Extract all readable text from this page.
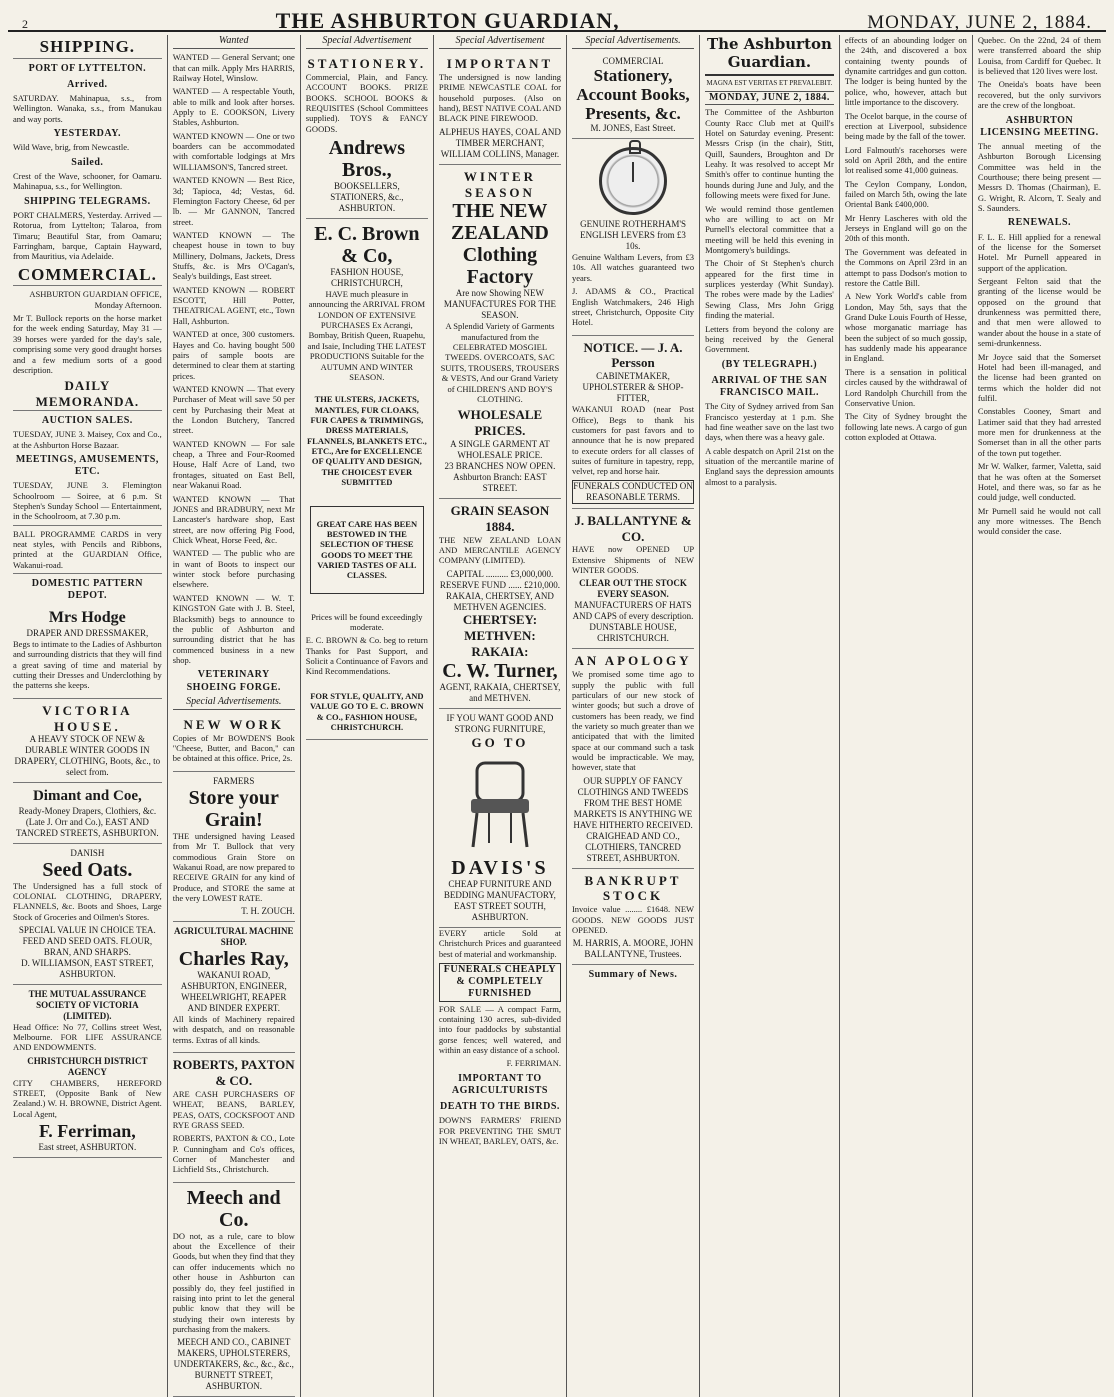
2	THE ASHBURTON GUARDIAN,	MONDAY, JUNE 2, 1884.
SHIPPING.
PORT OF LYTTELTON.
Arrived.

SATURDAY. Mahinapua, s.s., from Wellington. Wanaka, s.s., from Manukau and way ports.

YESTERDAY.

Wild Wave, brig, from Newcastle.

Sailed.

Crest of the Wave, schooner, for Oamaru. Mahinapua, s.s., for Wellington.

SHIPPING TELEGRAMS.

PORT CHALMERS, Yesterday. Arrived — Rotorua, from Lyttelton; Talaroa, from Timaru; Beautiful Star, from Oamaru; Farringham, barque, Captain Hayward, from Mauritius, via Adelaide.

COMMERCIAL.

ASHBURTON GUARDIAN OFFICE, Monday Afternoon.

Mr T. Bullock reports on the horse market for the week ending Saturday, May 31 — 39 horses were yarded for the day's sale, comprising some very good draught horses and a few medium sorts of a good description.

DAILY MEMORANDA.
AUCTION SALES.

TUESDAY, JUNE 3. Maisey, Cox and Co., at the Ashburton Horse Bazaar.

MEETINGS, AMUSEMENTS, ETC.

TUESDAY, JUNE 3. Flemington Schoolroom — Soiree, at 6 p.m. St Stephen's Sunday School — Entertainment, in the Schoolroom, at 7.30 p.m.

BALL PROGRAMME CARDS in very neat styles, with Pencils and Ribbons, printed at the GUARDIAN Office, Wakanui-road.

DOMESTIC PATTERN DEPOT.
Mrs Hodge
DRAPER AND DRESSMAKER,

Begs to intimate to the Ladies of Ashburton and surrounding districts that they will find a great saving of time and material by cutting their Dresses and Underclothing by the patterns she keeps.

VICTORIA HOUSE.
A HEAVY STOCK OF NEW & DURABLE WINTER GOODS IN DRAPERY, CLOTHING, Boots, &c., to select from.
Dimant and Coe,
Ready-Money Drapers, Clothiers, &c. (Late J. Orr and Co.), EAST AND TANCRED STREETS, ASHBURTON.
DANISH
Seed Oats.

The Undersigned has a full stock of COLONIAL CLOTHING, DRAPERY, FLANNELS, &c. Boots and Shoes, Large Stock of Groceries and Oilmen's Stores.

SPECIAL VALUE IN CHOICE TEA.
FEED AND SEED OATS. FLOUR, BRAN, AND SHARPS.
D. WILLIAMSON, EAST STREET, ASHBURTON.
THE MUTUAL ASSURANCE SOCIETY OF VICTORIA (LIMITED).

Head Office: No 77, Collins street West, Melbourne. FOR LIFE ASSURANCE AND ENDOWMENTS.

CHRISTCHURCH DISTRICT AGENCY

CITY CHAMBERS, HEREFORD STREET, (Opposite Bank of New Zealand.) W. H. BROWNE, District Agent. Local Agent,

F. Ferriman,
East street, ASHBURTON.
Wanted

WANTED — General Servant; one that can milk. Apply Mrs HARRIS, Railway Hotel, Winslow.

WANTED — A respectable Youth, able to milk and look after horses. Apply to E. COOKSON, Livery Stables, Ashburton.

WANTED KNOWN — One or two boarders can be accommodated with comfortable lodgings at Mrs WILLIAMSON'S, Tancred street.

WANTED KNOWN — Best Rice, 3d; Tapioca, 4d; Vestas, 6d. Flemington Factory Cheese, 6d per lb. — Mr GANNON, Tancred street.

WANTED KNOWN — The cheapest house in town to buy Millinery, Dolmans, Jackets, Dress Stuffs, &c. is Mrs O'Cagan's, Sealy's buildings, East street.

WANTED KNOWN — ROBERT ESCOTT, Hill Potter, THEATRICAL AGENT, etc., Town Hall, Ashburton.

WANTED at once, 300 customers. Hayes and Co. having bought 500 pairs of sample boots are determined to clear them at starting prices.

WANTED KNOWN — That every Purchaser of Meat will save 50 per cent by Purchasing their Meat at the London Butchery, Tancred street.

WANTED KNOWN — For sale cheap, a Three and Four-Roomed House, Half Acre of Land, two frontages, situated on East Bell, near Wakanui Road.

WANTED KNOWN — That JONES and BRADBURY, next Mr Lancaster's hardware shop, East street, are now offering Pig Food, Chick Wheat, Horse Feed, &c.

WANTED — The public who are in want of Boots to inspect our winter stock before purchasing elsewhere.

WANTED KNOWN — W. T. KINGSTON Gate with J. B. Steel, Blacksmith) begs to announce to the public of Ashburton and surrounding district that he has commenced business in a new shop.

VETERINARY SHOEING FORGE.
Special Advertisements.
NEW WORK

Copies of Mr BOWDEN'S Book "Cheese, Butter, and Bacon," can be obtained at this office. Price, 2s.

FARMERS
Store your Grain!

THE undersigned having Leased from Mr T. Bullock that very commodious Grain Store on Wakanui Road, are now prepared to RECEIVE GRAIN for any kind of Produce, and STORE the same at the very LOWEST RATE.

T. H. ZOUCH.
AGRICULTURAL MACHINE SHOP.
Charles Ray,
WAKANUI ROAD, ASHBURTON, ENGINEER, WHEELWRIGHT, REAPER AND BINDER EXPERT.

All kinds of Machinery repaired with despatch, and on reasonable terms. Extras of all kinds.

ROBERTS, PAXTON & CO.

ARE CASH PURCHASERS OF WHEAT, BEANS, BARLEY, PEAS, OATS, COCKSFOOT AND RYE GRASS SEED.

ROBERTS, PAXTON & CO., Lote P. Cunningham and Co's offices, Corner of Manchester and Lichfield Sts., Christchurch.

Meech and Co.

DO not, as a rule, care to blow about the Excellence of their Goods, but when they find that they can offer inducements which no other house in Ashburton can possibly do, they feel justified in raising into print to let the general public know that they will be studying their own interests by purchasing from the makers.

MEECH AND CO., CABINET MAKERS, UPHOLSTERERS, UNDERTAKERS, &c., &c., &c., BURNETT STREET, ASHBURTON.
Special Advertisement
STATIONERY.

Commercial, Plain, and Fancy. ACCOUNT BOOKS. PRIZE BOOKS. SCHOOL BOOKS & REQUISITES (School Committees supplied). TOYS & FANCY GOODS.

Andrews Bros.,
BOOKSELLERS, STATIONERS, &c., ASHBURTON.
E. C. Brown & Co,
FASHION HOUSE, CHRISTCHURCH,

HAVE much pleasure in announcing the ARRIVAL FROM LONDON OF EXTENSIVE PURCHASES Ex Acrangi, Bombay, British Queen, Ruapehu, and Isaie, Including THE LATEST PRODUCTIONS Suitable for the AUTUMN AND WINTER SEASON.

THE ULSTERS, JACKETS, MANTLES, FUR CLOAKS, FUR CAPES & TRIMMINGS, DRESS MATERIALS, FLANNELS, BLANKETS ETC., ETC., Are for EXCELLENCE OF QUALITY AND DESIGN, THE CHOICEST EVER SUBMITTED

GREAT CARE HAS BEEN BESTOWED IN THE SELECTION OF THESE GOODS TO MEET THE VARIED TASTES OF ALL CLASSES.

Prices will be found exceedingly moderate.

E. C. BROWN & Co. beg to return Thanks for Past Support, and Solicit a Continuance of Favors and Kind Recommendations.

FOR STYLE, QUALITY, AND VALUE GO TO E. C. BROWN & CO., FASHION HOUSE, CHRISTCHURCH.

Special Advertisement
IMPORTANT

The undersigned is now landing PRIME NEWCASTLE COAL for household purposes. (Also on hand), BEST NATIVE COAL AND BLACK PINE FIREWOOD.

ALPHEUS HAYES, COAL AND TIMBER MERCHANT, WILLIAM COLLINS, Manager.
WINTER SEASON
THE NEW ZEALAND Clothing Factory
Are now Showing NEW MANUFACTURES FOR THE SEASON.

A Splendid Variety of Garments manufactured from the CELEBRATED MOSGIEL TWEEDS. OVERCOATS, SAC SUITS, TROUSERS, TROUSERS & VESTS, And our Grand Variety of CHILDREN'S AND BOY'S CLOTHING.

WHOLESALE PRICES.
A SINGLE GARMENT AT WHOLESALE PRICE.
23 BRANCHES NOW OPEN.
Ashburton Branch: EAST STREET.
GRAIN SEASON 1884.

THE NEW ZEALAND LOAN AND MERCANTILE AGENCY COMPANY (LIMITED).

CAPITAL .......... £3,000,000. RESERVE FUND ...... £210,000.
RAKAIA, CHERTSEY, AND METHVEN AGENCIES.
CHERTSEY:
METHVEN:
RAKAIA:
C. W. Turner,
AGENT, RAKAIA, CHERTSEY, and METHVEN.
IF YOU WANT GOOD AND STRONG FURNITURE,
GO TO
DAVIS'S
CHEAP FURNITURE AND BEDDING MANUFACTORY, EAST STREET SOUTH, ASHBURTON.

EVERY article Sold at Christchurch Prices and guaranteed best of material and workmanship.

FUNERALS CHEAPLY & COMPLETELY FURNISHED

FOR SALE — A compact Farm, containing 130 acres, sub-divided into four paddocks by substantial gorse fences; well watered, and within an easy distance of a school.

F. FERRIMAN.
IMPORTANT TO AGRICULTURISTS
DEATH TO THE BIRDS.

DOWN'S FARMERS' FRIEND FOR PREVENTING THE SMUT IN WHEAT, BARLEY, OATS, &c.

Special Advertisements.
COMMERCIAL
Stationery, Account Books, Presents, &c.
M. JONES, East Street.
GENUINE ROTHERHAM'S ENGLISH LEVERS from £3 10s.

Genuine Waltham Levers, from £3 10s. All watches guaranteed two years.

J. ADAMS & CO., Practical English Watchmakers, 246 High street, Christchurch, Opposite City Hotel.

NOTICE. — J. A. Persson
CABINETMAKER, UPHOLSTERER & SHOP-FITTER,

WAKANUI ROAD (near Post Office), Begs to thank his customers for past favors and to announce that he is now prepared to execute orders for all classes of suites of furniture in tapestry, repp, velvet, rep and horse hair.

FUNERALS CONDUCTED ON REASONABLE TERMS.
J. BALLANTYNE & CO.

HAVE now OPENED UP Extensive Shipments of NEW WINTER GOODS.

CLEAR OUT THE STOCK EVERY SEASON.
MANUFACTURERS OF HATS AND CAPS of every description.
DUNSTABLE HOUSE, CHRISTCHURCH.
AN APOLOGY

We promised some time ago to supply the public with full particulars of our new stock of winter goods; but such a drove of customers has been ready, we find the variety so much greater than we anticipated that with the limited space at our command such a task would be impracticable. We may, however, state that

OUR SUPPLY OF FANCY CLOTHINGS AND TWEEDS FROM THE BEST HOME MARKETS IS ANYTHING WE HAVE HITHERTO RECEIVED.
CRAIGHEAD AND CO., CLOTHIERS, TANCRED STREET, ASHBURTON.
BANKRUPT STOCK

Invoice value ........ £1648. NEW GOODS. NEW GOODS JUST OPENED.

M. HARRIS, A. MOORE, JOHN BALLANTYNE, Trustees.
Summary of News.
The Ashburton Guardian.
MAGNA EST VERITAS ET PREVALEBIT.
MONDAY, JUNE 2, 1884.

The Committee of the Ashburton County Racc Club met at Quill's Hotel on Saturday evening. Present: Messrs Crisp (in the chair), Stitt, Quill, Saunders, Broughton and Dr Leahy. It was resolved to accept Mr Smith's offer to continue hunting the hounds during June and July, and the following meets were fixed for June.

We would remind those gentlemen who are willing to act on Mr Purnell's electoral committee that a meeting will be held this evening in Montgomery's buildings.

The Choir of St Stephen's church appeared for the first time in surplices yesterday (Whit Sunday). The robes were made by the Ladies' Sewing Class, Mrs John Grigg finding the material.

Letters from beyond the colony are being received by the General Government.

(BY TELEGRAPH.)
ARRIVAL OF THE SAN FRANCISCO MAIL.

The City of Sydney arrived from San Francisco yesterday at 1 p.m. She had fine weather save on the last two days, when there was a heavy gale.

A cable despatch on April 21st on the situation of the mercantile marine of England says the depression amounts almost to a paralysis.

effects of an abounding lodger on the 24th, and discovered a box containing twenty pounds of dynamite cartridges and gun cotton. The lodger is being hunted by the police, who, however, attach but little importance to the discovery.

The Ocelot barque, in the course of erection at Liverpool, subsidence being made by the fall of the tower.

Lord Falmouth's racehorses were sold on April 28th, and the entire lot realised some 41,000 guineas.

The Ceylon Company, London, failed on March 5th, owing the late Oriental Bank £400,000.

Mr Henry Lascheres with old the Jerseys in England will go on the 20th of this month.

The Government was defeated in the Commons on April 23rd in an attempt to pass Dodson's motion to restore the Cattle Bill.

A New York World's cable from London, May 5th, says that the Grand Duke Louis Fourth of Hesse, whose morganatic marriage has been the subject of so much gossip, has suddenly made his appearance in England.

There is a sensation in political circles caused by the withdrawal of Lord Randolph Churchill from the Conservative Union.

The City of Sydney brought the following late news. A cargo of gun cotton exploded at Ottawa.

Quebec. On the 22nd, 24 of them were transferred aboard the ship Louisa, from Cardiff for Quebec. It is believed that 120 lives were lost.

The Oneida's boats have been recovered, but the only survivors are the crew of the longboat.

ASHBURTON LICENSING MEETING.

The annual meeting of the Ashburton Borough Licensing Committee was held in the Courthouse; there being present — Messrs D. Thomas (Chairman), E. G. Wright, R. Alcorn, T. Sealy and S. Saunders.

RENEWALS.

F. L. E. Hill applied for a renewal of the license for the Somerset Hotel. Mr Purnell appeared in support of the application.

Sergeant Felton said that the granting of the license would be opposed on the ground that drunkenness was permitted there, and that men were allowed to wander about the house in a state of semi-drunkenness.

Mr Joyce said that the Somerset Hotel had been ill-managed, and the license had been granted on terms which the holder did not fulfil.

Constables Cooney, Smart and Latimer said that they had arrested more men for drunkenness at the Somerset than in all the other parts of the town put together.

Mr W. Walker, farmer, Valetta, said that he was often at the Somerset Hotel, and there was, so far as he could judge, well conducted.

Mr Purnell said he would not call any more witnesses. The Bench would consider the case.
